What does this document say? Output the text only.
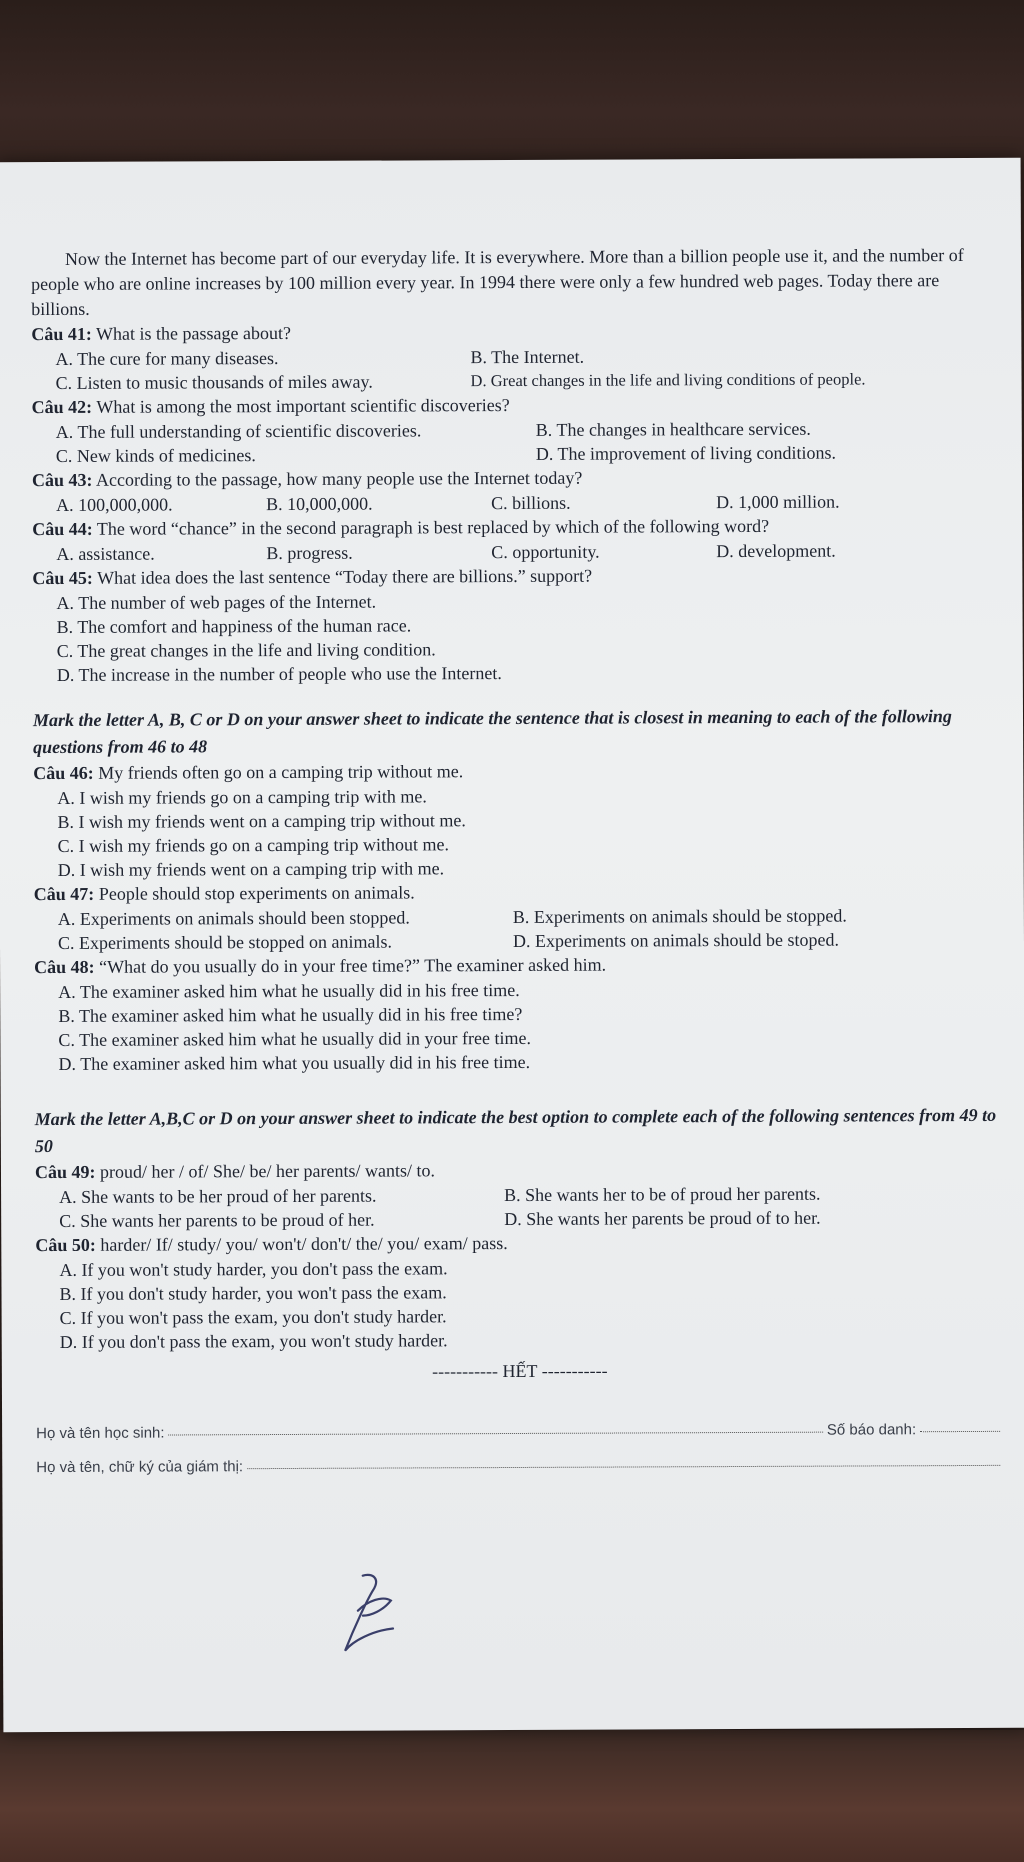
Now the Internet has become part of our everyday life. It is everywhere. More than a billion people use it, and the number of people who are online increases by 100 million every year. In 1994 there were only a few hundred web pages. Today there are billions.
Câu 41: What is the passage about?
A. The cure for many diseases.	B. The Internet.
C. Listen to music thousands of miles away.	D. Great changes in the life and living conditions of people.
Câu 42: What is among the most important scientific discoveries?
A. The full understanding of scientific discoveries.	B. The changes in healthcare services.
C. New kinds of medicines.	D. The improvement of living conditions.
Câu 43: According to the passage, how many people use the Internet today?
A. 100,000,000.	B. 10,000,000.	C. billions.	D. 1,000 million.
Câu 44: The word “chance” in the second paragraph is best replaced by which of the following word?
A. assistance.	B. progress.	C. opportunity.	D. development.
Câu 45: What idea does the last sentence “Today there are billions.” support?
A. The number of web pages of the Internet.
B. The comfort and happiness of the human race.
C. The great changes in the life and living condition.
D. The increase in the number of people who use the Internet.
Mark the letter A, B, C or D on your answer sheet to indicate the sentence that is closest in meaning to each of the following questions from 46 to 48
Câu 46: My friends often go on a camping trip without me.
A. I wish my friends go on a camping trip with me.
B. I wish my friends went on a camping trip without me.
C. I wish my friends go on a camping trip without me.
D. I wish my friends went on a camping trip with me.
Câu 47: People should stop experiments on animals.
A. Experiments on animals should been stopped.	B. Experiments on animals should be stopped.
C. Experiments should be stopped on animals.	D. Experiments on animals should be stoped.
Câu 48: “What do you usually do in your free time?” The examiner asked him.
A. The examiner asked him what he usually did in his free time.
B. The examiner asked him what he usually did in his free time?
C. The examiner asked him what he usually did in your free time.
D. The examiner asked him what you usually did in his free time.
Mark the letter A,B,C or D on your answer sheet to indicate the best option to complete each of the following sentences from 49 to 50
Câu 49: proud/ her / of/ She/ be/ her parents/ wants/ to.
A. She wants to be her proud of her parents.	B. She wants her to be of proud her parents.
C. She wants her parents to be proud of her.	D. She wants her parents be proud of to her.
Câu 50: harder/ If/ study/ you/ won't/ don't/ the/ you/ exam/ pass.
A. If you won't study harder, you don't pass the exam.
B. If you don't study harder, you won't pass the exam.
C. If you won't pass the exam, you don't study harder.
D. If you don't pass the exam, you won't study harder.
----------- HẾT -----------
Họ và tên học sinh:	Số báo danh:
Họ và tên, chữ ký của giám thị:
